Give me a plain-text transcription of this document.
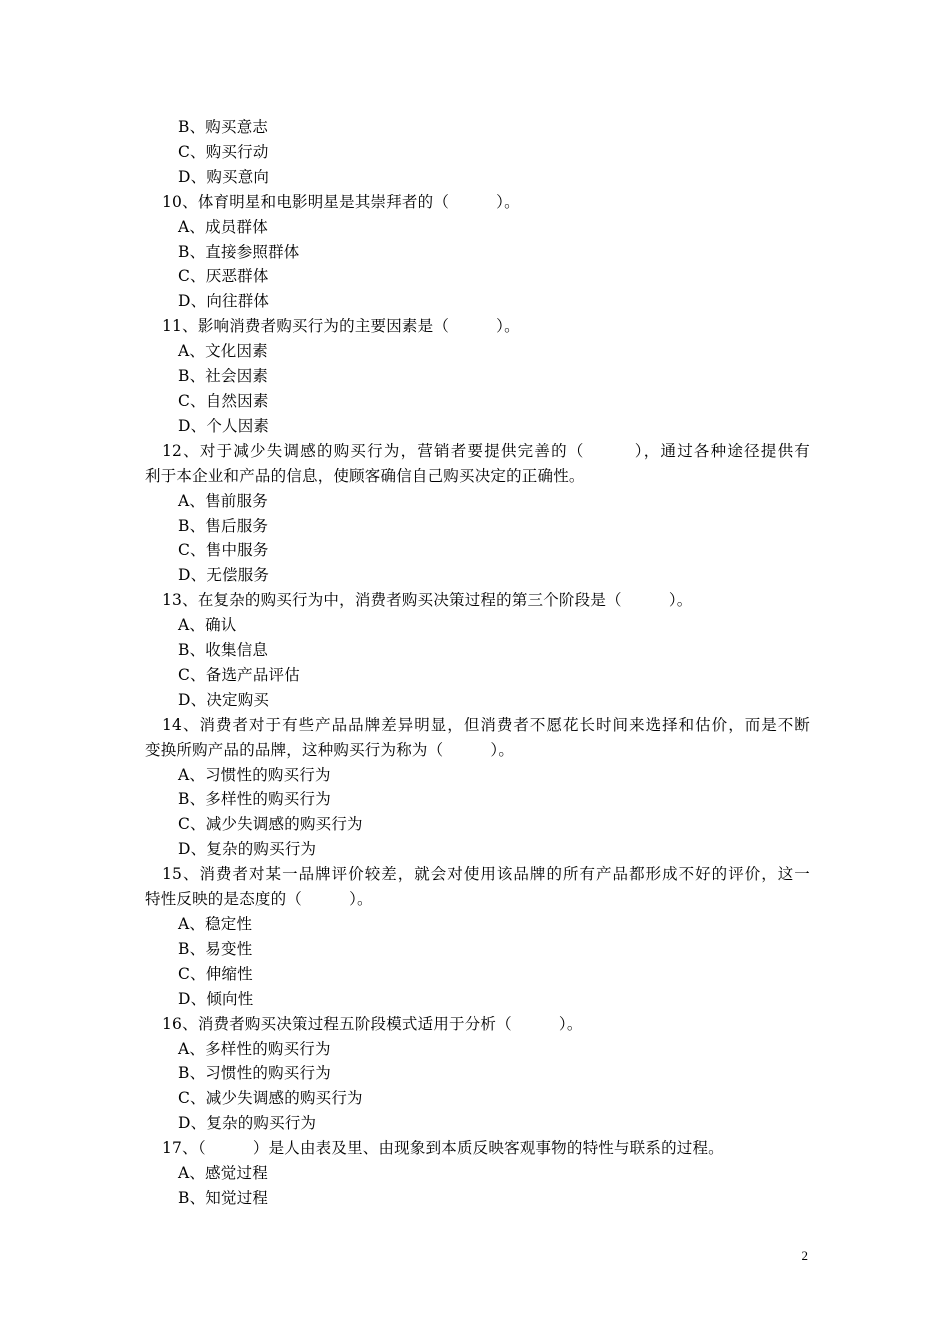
B、购买意志
C、购买行动
D、购买意向
10、体育明星和电影明星是其崇拜者的（　　　）。
A、成员群体
B、直接参照群体
C、厌恶群体
D、向往群体
11、影响消费者购买行为的主要因素是（　　　）。
A、文化因素
B、社会因素
C、自然因素
D、个人因素
12、对于减少失调感的购买行为，营销者要提供完善的（　　　），通过各种途径提供有
利于本企业和产品的信息，使顾客确信自己购买决定的正确性。
A、售前服务
B、售后服务
C、售中服务
D、无偿服务
13、在复杂的购买行为中，消费者购买决策过程的第三个阶段是（　　　）。
A、确认
B、收集信息
C、备选产品评估
D、决定购买
14、消费者对于有些产品品牌差异明显，但消费者不愿花长时间来选择和估价，而是不断
变换所购产品的品牌，这种购买行为称为（　　　）。
A、习惯性的购买行为
B、多样性的购买行为
C、减少失调感的购买行为
D、复杂的购买行为
15、消费者对某一品牌评价较差，就会对使用该品牌的所有产品都形成不好的评价，这一
特性反映的是态度的（　　　）。
A、稳定性
B、易变性
C、伸缩性
D、倾向性
16、消费者购买决策过程五阶段模式适用于分析（　　　）。
A、多样性的购买行为
B、习惯性的购买行为
C、减少失调感的购买行为
D、复杂的购买行为
17、（　　　）是人由表及里、由现象到本质反映客观事物的特性与联系的过程。
A、感觉过程
B、知觉过程
2
